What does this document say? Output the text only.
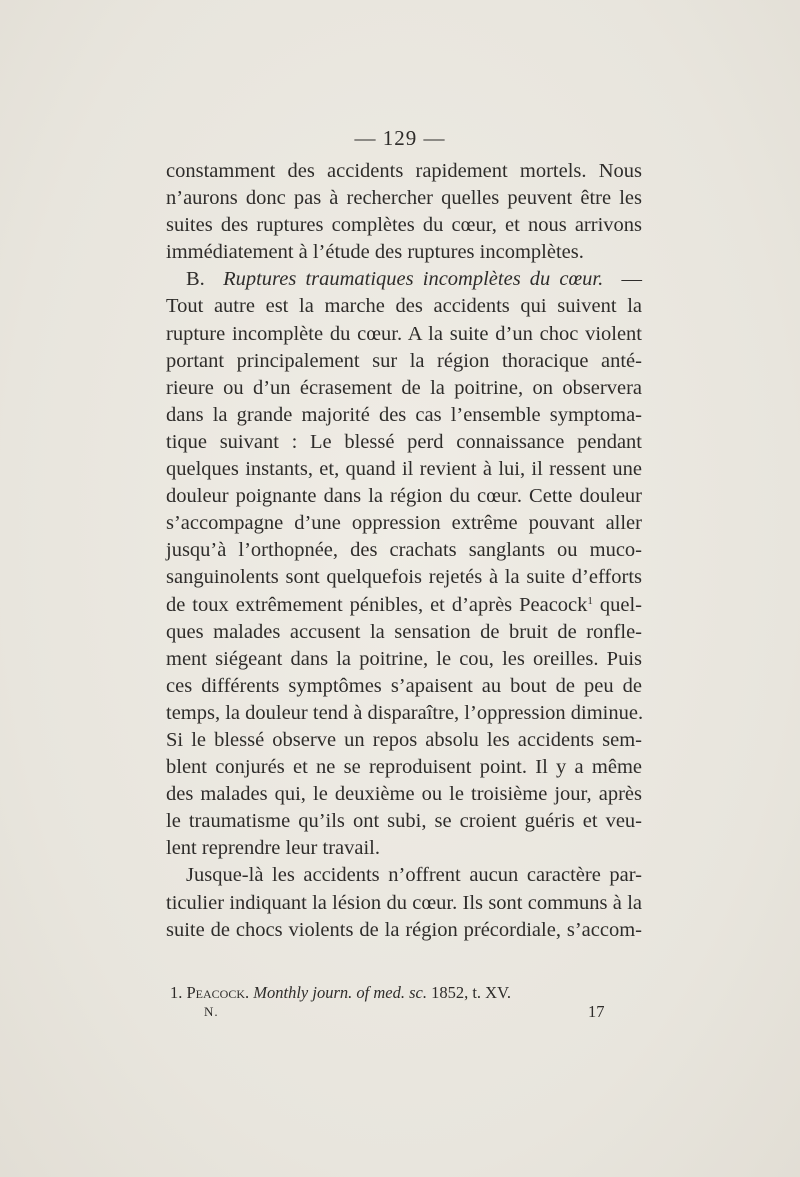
— 129 —
constamment des accidents rapidement mortels. Nous
n’aurons donc pas à rechercher quelles peuvent être les
suites des ruptures complètes du cœur, et nous arrivons
immédiatement à l’étude des ruptures incomplètes.
B. Ruptures traumatiques incomplètes du cœur. —
Tout autre est la marche des accidents qui suivent la
rupture incomplète du cœur. A la suite d’un choc violent
portant principalement sur la région thoracique anté-
rieure ou d’un écrasement de la poitrine, on observera
dans la grande majorité des cas l’ensemble symptoma-
tique suivant : Le blessé perd connaissance pendant
quelques instants, et, quand il revient à lui, il ressent une
douleur poignante dans la région du cœur. Cette douleur
s’accompagne d’une oppression extrême pouvant aller
jusqu’à l’orthopnée, des crachats sanglants ou muco-
sanguinolents sont quelquefois rejetés à la suite d’efforts
de toux extrêmement pénibles, et d’après Peacock$^1$ quel-
ques malades accusent la sensation de bruit de ronfle-
ment siégeant dans la poitrine, le cou, les oreilles. Puis
ces différents symptômes s’apaisent au bout de peu de
temps, la douleur tend à disparaître, l’oppression diminue.
Si le blessé observe un repos absolu les accidents sem-
blent conjurés et ne se reproduisent point. Il y a même
des malades qui, le deuxième ou le troisième jour, après
le traumatisme qu’ils ont subi, se croient guéris et veu-
lent reprendre leur travail.
Jusque-là les accidents n’offrent aucun caractère par-
ticulier indiquant la lésion du cœur. Ils sont communs à la
suite de chocs violents de la région précordiale, s’accom-
1. Peacock. Monthly journ. of med. sc. 1852, t. XV.
N.	17
